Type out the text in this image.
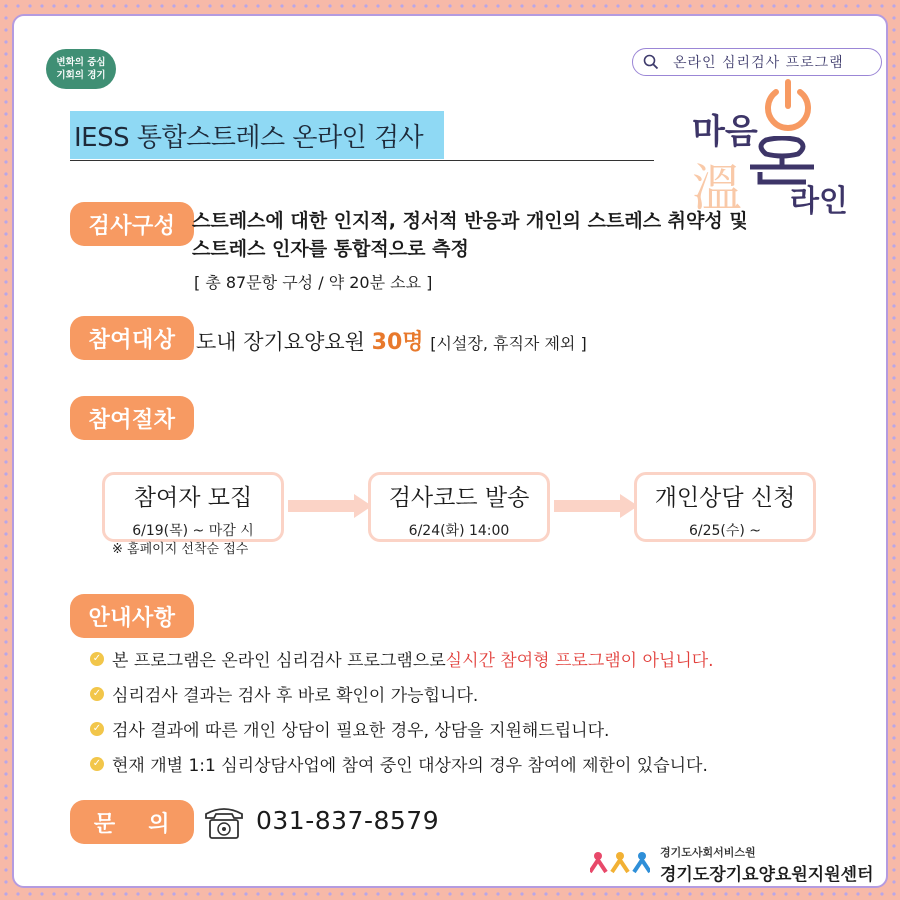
변화의 중심
기회의 경기
온라인 심리검사 프로그램
IESS 통합스트레스 온라인 검사	마음
溫 라인
검사구성 스트레스에 대한 인지적, 정서적 반응과 개인의 스트레스 취약성 및
스트레스 인자를 통합적으로 측정
[ 총 87문항 구성 / 약 20분 소요 ]
참여대상 도내 장기요양요원 30명 [시설장, 휴직자 제외 ]
참여절차
참여자 모집
6/19(목) ~ 마감 시
검사코드 발송
6/24(화) 14:00
개인상담 신청
6/25(수) ~
※ 홈페이지 선착순 접수
안내사항
✓ 본 프로그램은 온라인 심리검사 프로그램으로 실시간 참여형 프로그램이 아닙니다.
✓ 심리검사 결과는 검사 후 바로 확인이 가능힙니다.
✓ 검사 결과에 따른 개인 상담이 필요한 경우, 상담을 지원해드립니다.
✓ 현재 개별 1:1 심리상담사업에 참여 중인 대상자의 경우 참여에 제한이 있습니다.
문    의	031-837-8579
경기도사회서비스원
경기도장기요양요원지원센터
